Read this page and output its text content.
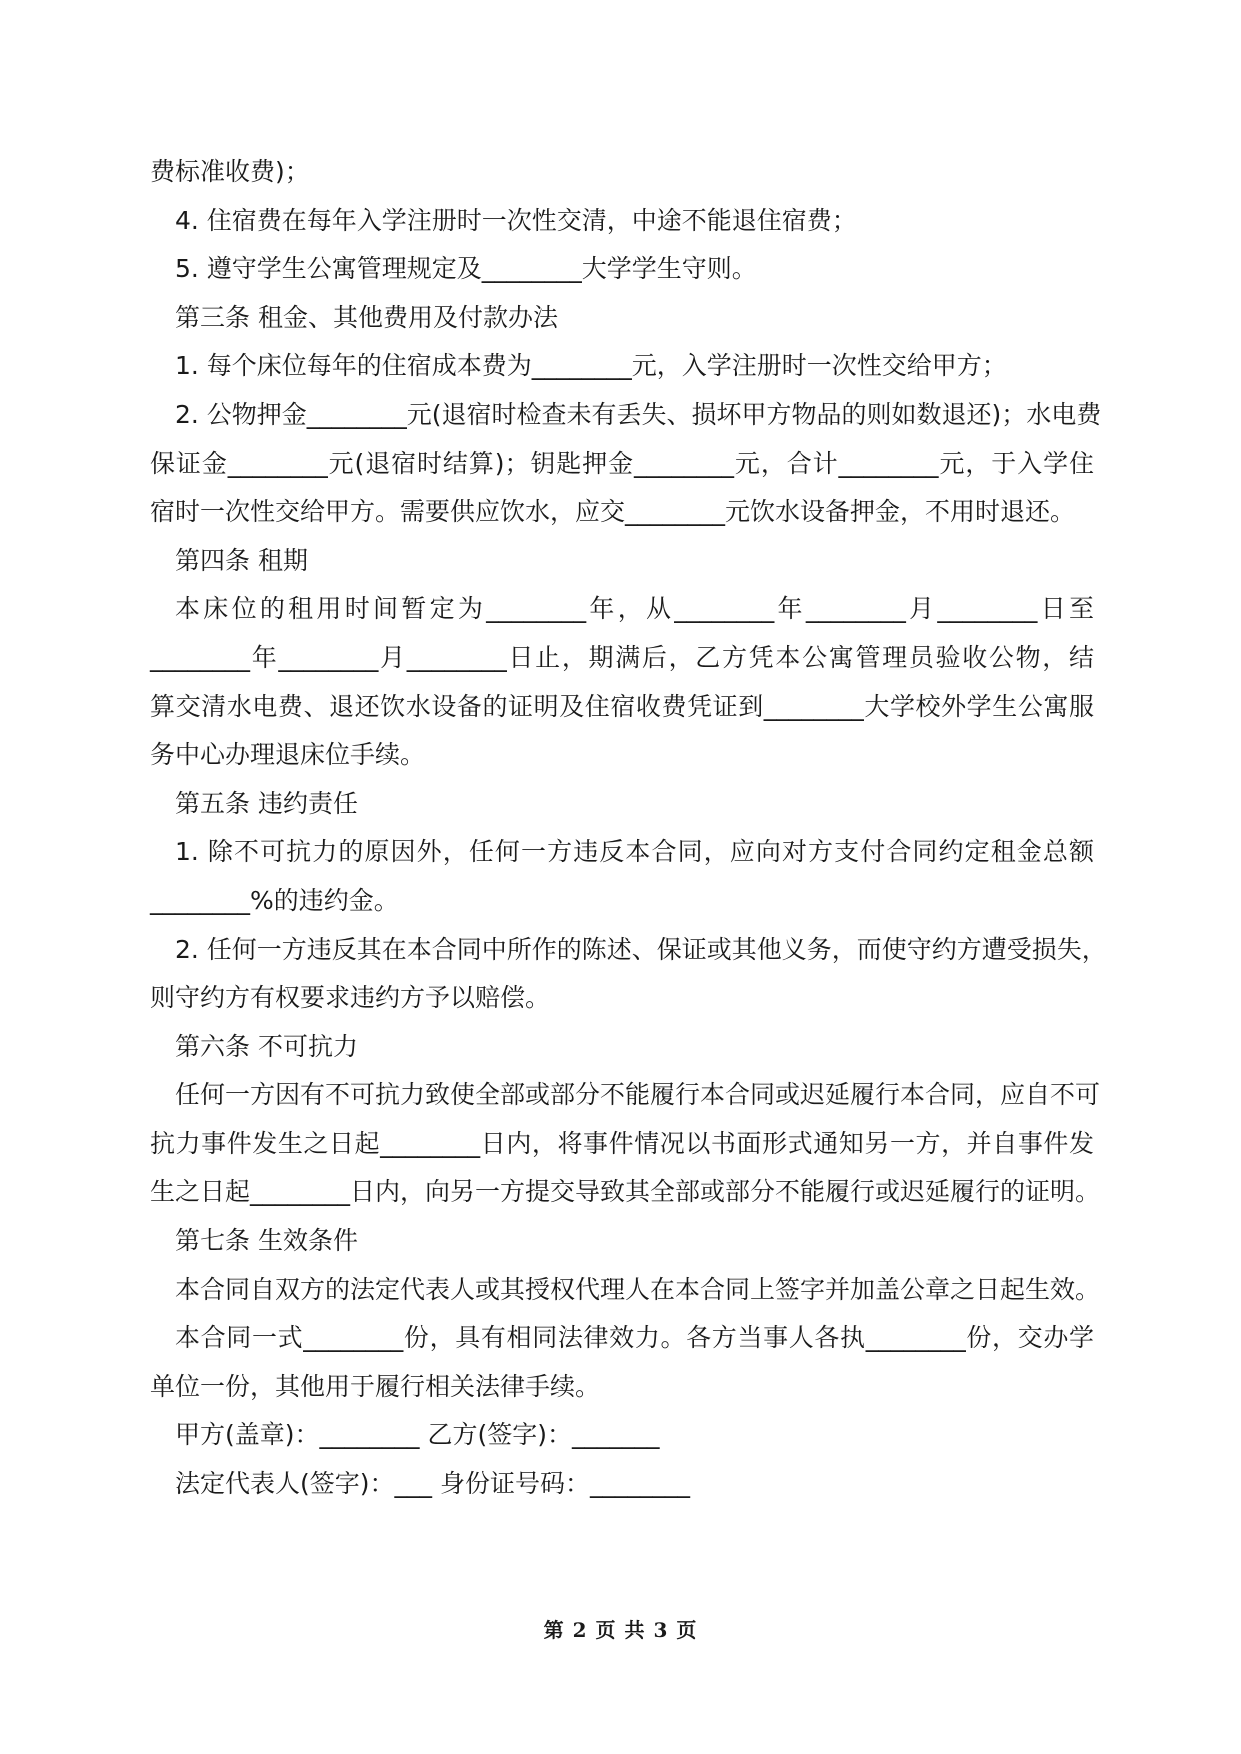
费标准收费)；
4. 住宿费在每年入学注册时一次性交清，中途不能退住宿费；
5. 遵守学生公寓管理规定及________大学学生守则。
第三条 租金、其他费用及付款办法
1. 每个床位每年的住宿成本费为________元，入学注册时一次性交给甲方；
2. 公物押金________元(退宿时检查未有丢失、损坏甲方物品的则如数退还)；水电费
保证金________元(退宿时结算)；钥匙押金________元，合计________元，于入学住
宿时一次性交给甲方。需要供应饮水，应交________元饮水设备押金，不用时退还。
第四条 租期
本床位的租用时间暂定为________年，从________年________月________日至
________年________月________日止，期满后，乙方凭本公寓管理员验收公物，结
算交清水电费、退还饮水设备的证明及住宿收费凭证到________大学校外学生公寓服
务中心办理退床位手续。
第五条 违约责任
1. 除不可抗力的原因外，任何一方违反本合同，应向对方支付合同约定租金总额
________%的违约金。
2. 任何一方违反其在本合同中所作的陈述、保证或其他义务，而使守约方遭受损失，
则守约方有权要求违约方予以赔偿。
第六条 不可抗力
任何一方因有不可抗力致使全部或部分不能履行本合同或迟延履行本合同，应自不可
抗力事件发生之日起________日内，将事件情况以书面形式通知另一方，并自事件发
生之日起________日内，向另一方提交导致其全部或部分不能履行或迟延履行的证明。
第七条 生效条件
本合同自双方的法定代表人或其授权代理人在本合同上签字并加盖公章之日起生效。
本合同一式________份，具有相同法律效力。各方当事人各执________份，交办学
单位一份，其他用于履行相关法律手续。
甲方(盖章)：________ 乙方(签字)：_______
法定代表人(签字)：___ 身份证号码：________
第 2 页 共 3 页
